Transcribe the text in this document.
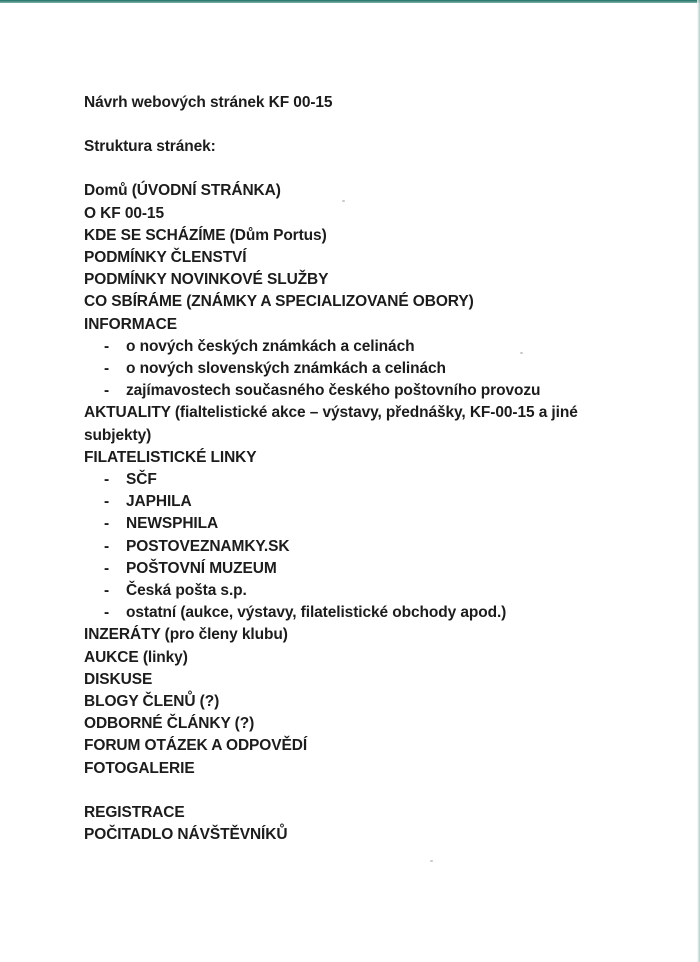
Návrh webových stránek KF 00-15
Struktura stránek:
Domů (ÚVODNÍ STRÁNKA)
O KF 00-15
KDE SE SCHÁZÍME (Dům Portus)
PODMÍNKY ČLENSTVÍ
PODMÍNKY NOVINKOVÉ SLUŽBY
CO SBÍRÁME (ZNÁMKY A SPECIALIZOVANÉ OBORY)
INFORMACE
-	o nových českých známkách a celinách
-	o nových slovenských známkách a celinách
-	zajímavostech současného českého poštovního provozu
AKTUALITY (fialtelistické akce – výstavy, přednášky, KF-00-15 a jiné subjekty)
FILATELISTICKÉ LINKY
-	SČF
-	JAPHILA
-	NEWSPHILA
-	POSTOVEZNAMKY.SK
-	POŠTOVNÍ MUZEUM
-	Česká pošta s.p.
-	ostatní (aukce, výstavy, filatelistické obchody apod.)
INZERÁTY (pro členy klubu)
AUKCE (linky)
DISKUSE
BLOGY ČLENŮ (?)
ODBORNÉ ČLÁNKY (?)
FORUM OTÁZEK A ODPOVĚDÍ
FOTOGALERIE
REGISTRACE
POČITADLO NÁVŠTĚVNÍKŮ
